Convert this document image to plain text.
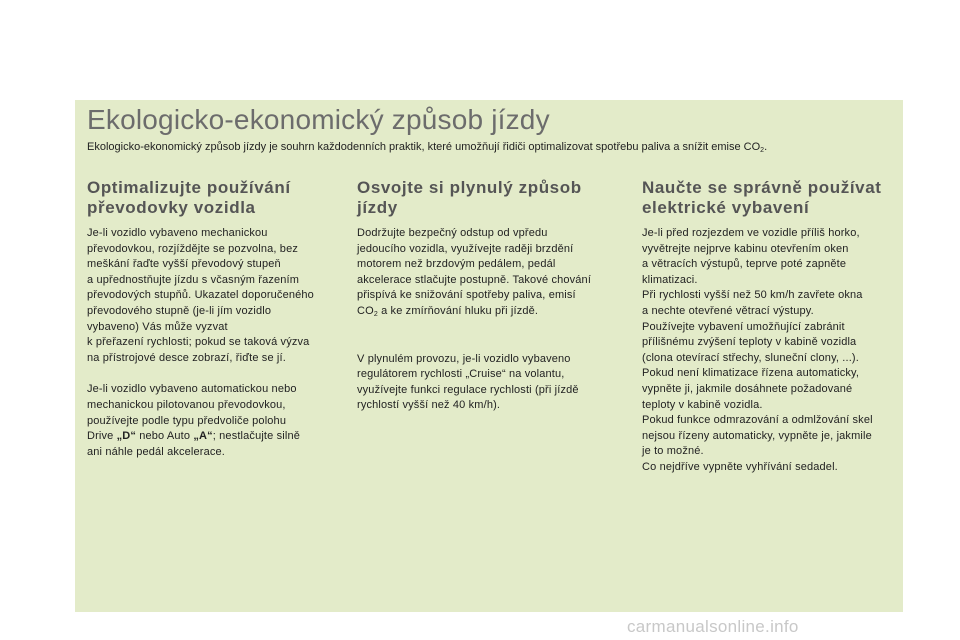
Ekologicko-ekonomický způsob jízdy

Ekologicko-ekonomický způsob jízdy je souhrn každodenních praktik, které umožňují řidiči optimalizovat spotřebu paliva a snížit emise $CO_2$.

Optimalizujte používání převodovky vozidla

Je-li vozidlo vybaveno mechanickou
převodovkou, rozjíždějte se pozvolna, bez
meškání řaďte vyšší převodový stupeň
a upřednostňujte jízdu s včasným řazením
převodových stupňů. Ukazatel doporučeného
převodového stupně (je-li jím vozidlo
vybaveno) Vás může vyzvat
k přeřazení rychlosti; pokud se taková výzva
na přístrojové desce zobrazí, řiďte se jí.

Je-li vozidlo vybaveno automatickou nebo
mechanickou pilotovanou převodovkou,
používejte podle typu předvoliče polohu
Drive „D“ nebo Auto „A“; nestlačujte silně
ani náhle pedál akcelerace.

Osvojte si plynulý způsob jízdy

Dodržujte bezpečný odstup od vpředu
jedoucího vozidla, využívejte raději brzdění
motorem než brzdovým pedálem, pedál
akcelerace stlačujte postupně. Takové chování
přispívá ke snižování spotřeby paliva, emisí
$CO_2$ a ke zmírňování hluku při jízdě.

V plynulém provozu, je-li vozidlo vybaveno
regulátorem rychlosti „Cruise“ na volantu,
využívejte funkci regulace rychlosti (při jízdě
rychlostí vyšší než 40 km/h).

Naučte se správně používat elektrické vybavení

Je-li před rozjezdem ve vozidle příliš horko,
vyvětrejte nejprve kabinu otevřením oken
a větracích výstupů, teprve poté zapněte
klimatizaci.
Při rychlosti vyšší než 50 km/h zavřete okna
a nechte otevřené větrací výstupy.
Používejte vybavení umožňující zabránit
přílišnému zvýšení teploty v kabině vozidla
(clona otevírací střechy, sluneční clony, ...).
Pokud není klimatizace řízena automaticky,
vypněte ji, jakmile dosáhnete požadované
teploty v kabině vozidla.
Pokud funkce odmrazování a odmlžování skel
nejsou řízeny automaticky, vypněte je, jakmile
je to možné.
Co nejdříve vypněte vyhřívání sedadel.

carmanualsonline.info
